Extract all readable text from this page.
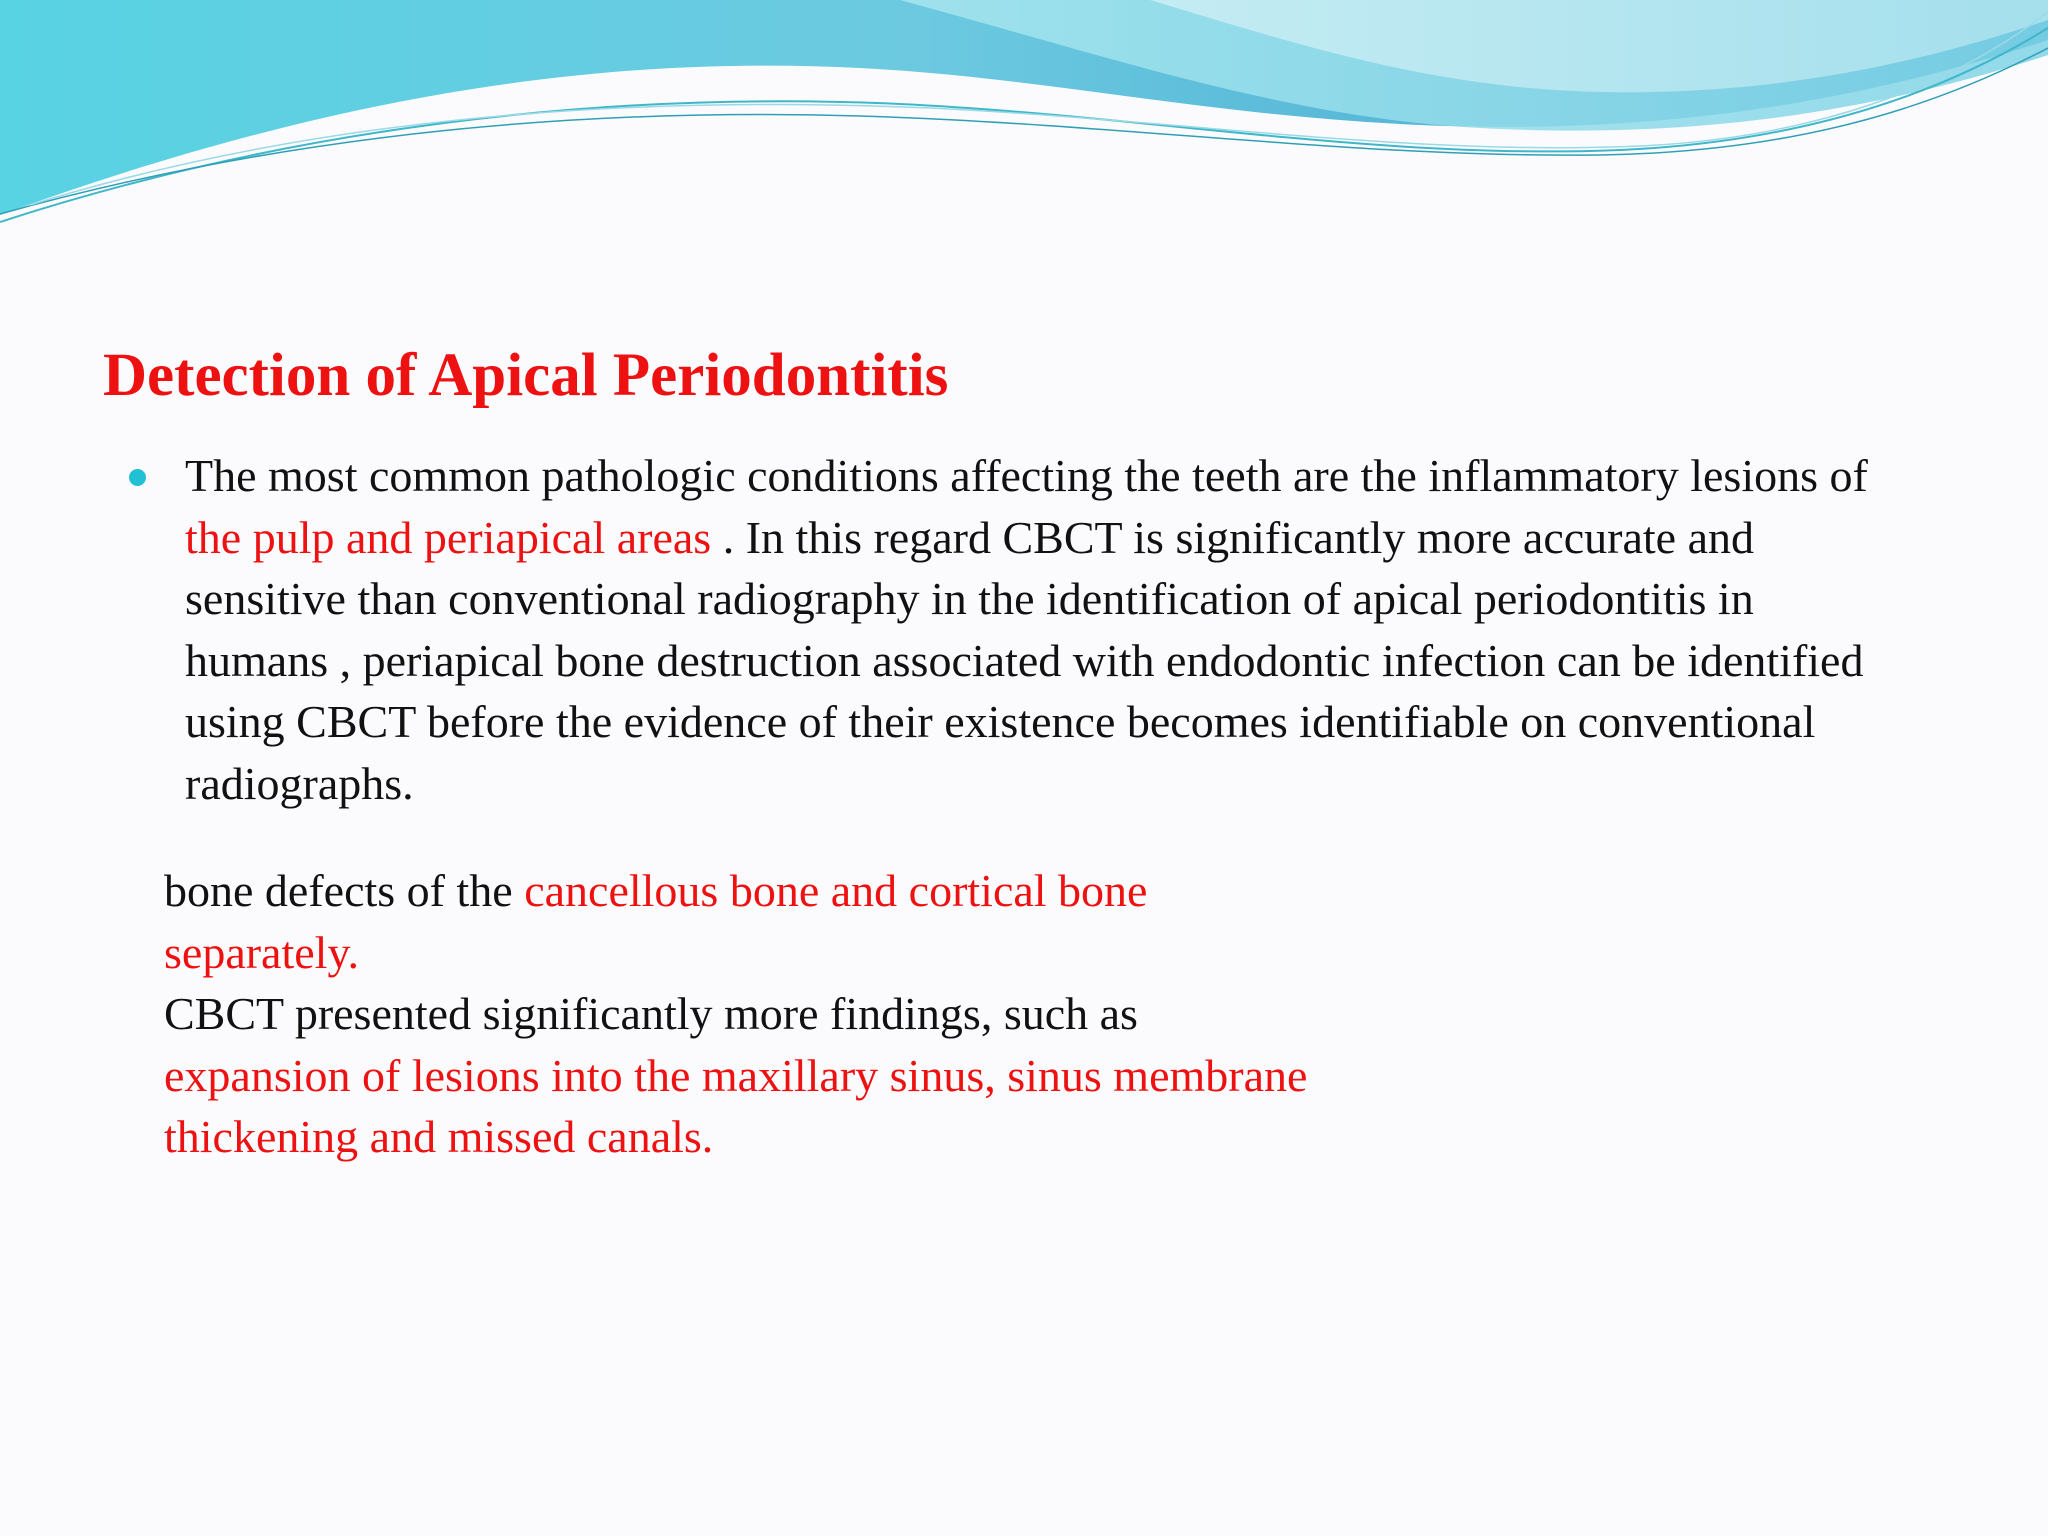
Detection of Apical Periodontitis

The most common pathologic conditions affecting the teeth are the inflammatory lesions of the pulp and periapical areas . In this regard CBCT is significantly more accurate and sensitive than conventional radiography in the identification of apical periodontitis in humans , periapical bone destruction associated with endodontic infection can be identified using CBCT before the evidence of their existence becomes identifiable on conventional radiographs.

bone defects of the cancellous bone and cortical bone separately.
CBCT presented significantly more findings, such as expansion of lesions into the maxillary sinus, sinus membrane thickening and missed canals.
